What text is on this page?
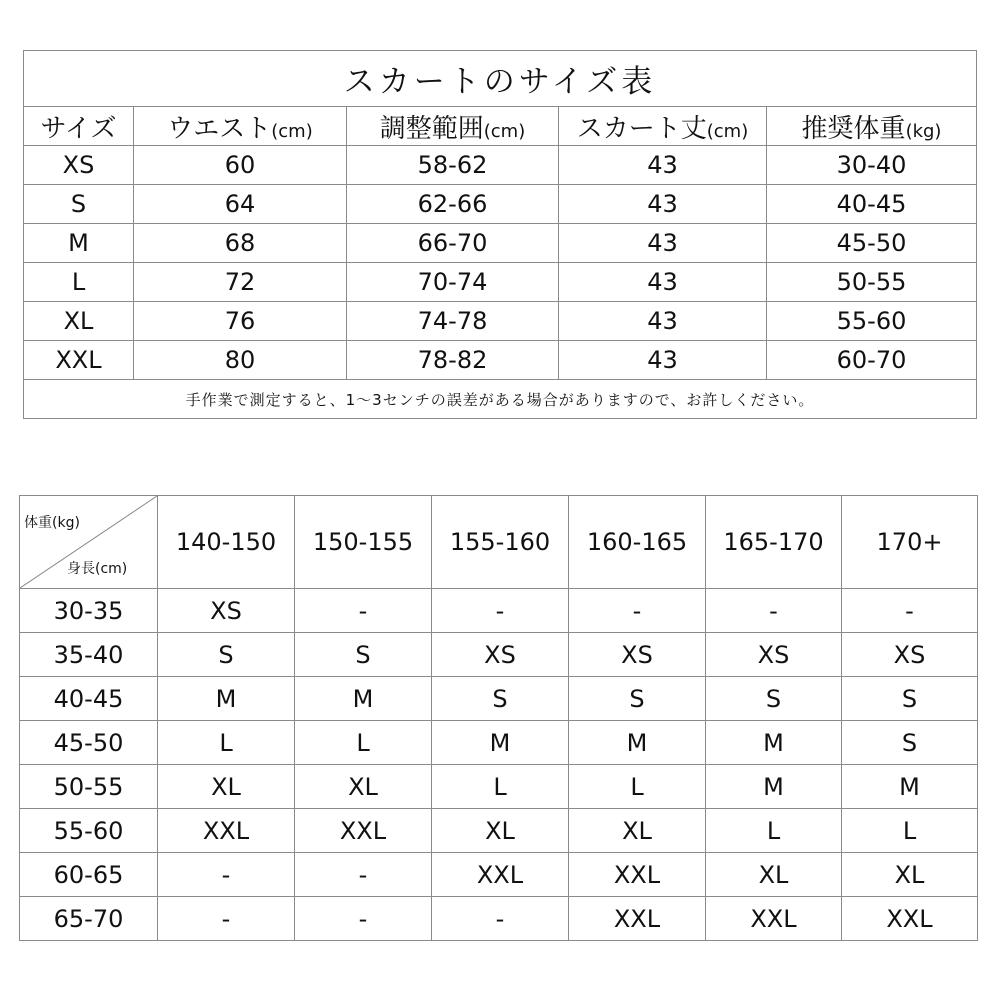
スカートのサイズ表				
サイズ	ウエスト(cm)	調整範囲(cm)	スカート丈(cm)	推奨体重(kg)
XS	60	58-62	43	30-40
S	64	62-66	43	40-45
M	68	66-70	43	45-50
L	72	70-74	43	50-55
XL	76	74-78	43	55-60
XXL	80	78-82	43	60-70
手作業で測定すると、1〜3センチの誤差がある場合がありますので、お許しください。				
体重(kg)
身長(cm)	140-150	150-155	155-160	160-165	165-170	170+
30-35	XS	-	-	-	-	-
35-40	S	S	XS	XS	XS	XS
40-45	M	M	S	S	S	S
45-50	L	L	M	M	M	S
50-55	XL	XL	L	L	M	M
55-60	XXL	XXL	XL	XL	L	L
60-65	-	-	XXL	XXL	XL	XL
65-70	-	-	-	XXL	XXL	XXL
